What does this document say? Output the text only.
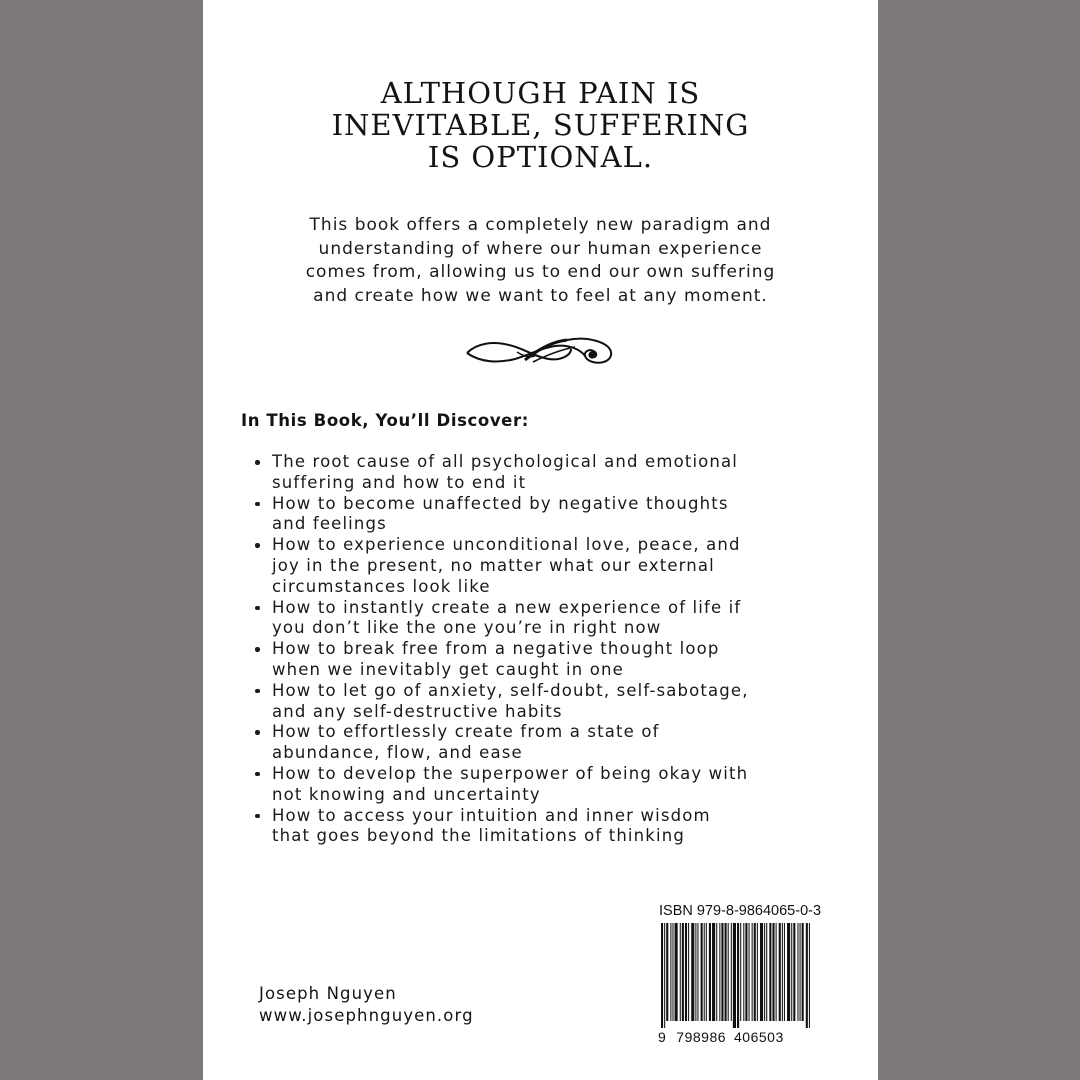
ALTHOUGH PAIN IS
INEVITABLE, SUFFERING
IS OPTIONAL.
This book offers a completely new paradigm and
understanding of where our human experience
comes from, allowing us to end our own suffering
and create how we want to feel at any moment.
In This Book, You’ll Discover:
The root cause of all psychological and emotional
suffering and how to end it
How to become unaffected by negative thoughts
and feelings
How to experience unconditional love, peace, and
joy in the present, no matter what our external
circumstances look like
How to instantly create a new experience of life if
you don’t like the one you’re in right now
How to break free from a negative thought loop
when we inevitably get caught in one
How to let go of anxiety, self-doubt, self-sabotage,
and any self-destructive habits
How to effortlessly create from a state of
abundance, flow, and ease
How to develop the superpower of being okay with
not knowing and uncertainty
How to access your intuition and inner wisdom
that goes beyond the limitations of thinking
Joseph Nguyen
www.josephnguyen.org
ISBN 979-8-9864065-0-3
9 798986 406503
